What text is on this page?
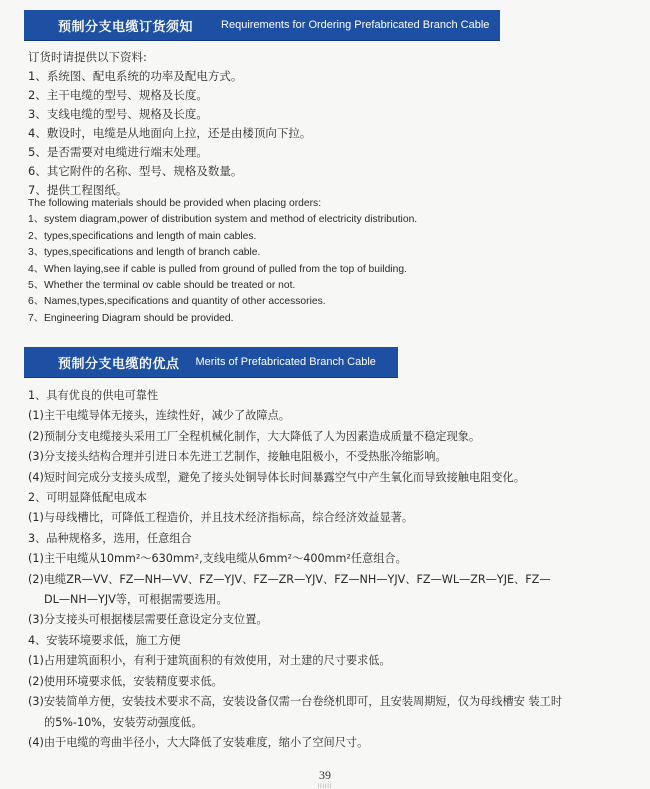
预制分支电缆订货须知	Requirements for Ordering Prefabricated Branch Cable

订货时请提供以下资料:

1、系统图、配电系统的功率及配电方式。

2、主干电缆的型号、规格及长度。

3、支线电缆的型号、规格及长度。

4、敷设时，电缆是从地面向上拉，还是由楼顶向下拉。

5、是否需要对电缆进行端末处理。

6、其它附件的名称、型号、规格及数量。

7、提供工程图纸。

The following materials should be provided when placing orders:

1、system diagram,power of distribution system and method of electricity distribution.

2、types,specifications and length of main cables.

3、types,specifications and length of branch cable.

4、When laying,see if cable is pulled from ground of pulled from the top of building.

5、Whether the terminal ov cable should be treated or not.

6、Names,types,specifications and quantity of other accessories.

7、Engineering Diagram should be provided.

预制分支电缆的优点 Merits of Prefabricated Branch Cable

1、具有优良的供电可靠性

(1)主干电缆导体无接头，连续性好，减少了故障点。

(2)预制分支电缆接头采用工厂全程机械化制作，大大降低了人为因素造成质量不稳定现象。

(3)分支接头结构合理并引进日本先进工艺制作，接触电阻极小，不受热胀冷缩影响。

(4)短时间完成分支接头成型，避免了接头处铜导体长时间暴露空气中产生氧化而导致接触电阻变化。

2、可明显降低配电成本

(1)与母线槽比，可降低工程造价，并且技术经济指标高，综合经济效益显著。

3、品种规格多，选用，任意组合

(1)主干电缆从10mm²～630mm²,支线电缆从6mm²～400mm²任意组合。

(2)电缆ZR—VV、FZ—NH—VV、FZ—YJV、FZ—ZR—YJV、FZ—NH—YJV、FZ—WL—ZR—YJE、FZ—

DL—NH—YJV等，可根据需要选用。

(3)分支接头可根据楼层需要任意设定分支位置。

4、安装环境要求低，施工方便

(1)占用建筑面积小，有利于建筑面积的有效使用，对土建的尺寸要求低。

(2)使用环境要求低，安装精度要求低。

(3)安装简单方便，安装技术要求不高，安装设备仅需一台卷绕机即可，且安装周期短，仅为母线槽安 装工时

的5%-10%，安装劳动强度低。

(4)由于电缆的弯曲半径小，大大降低了安装难度，缩小了空间尺寸。

39
||||||
